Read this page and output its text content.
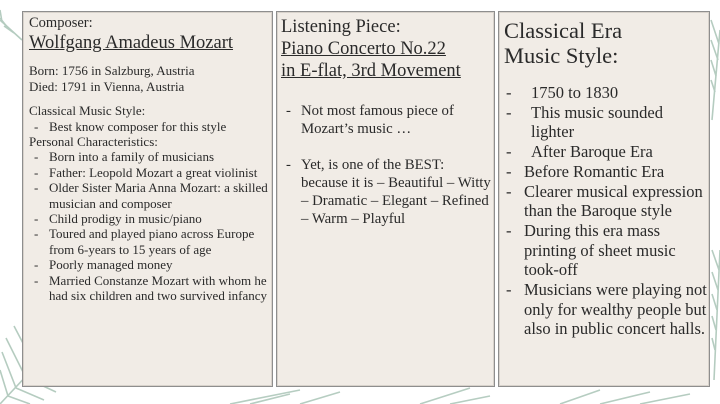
Composer:
Wolfgang Amadeus Mozart
Born: 1756 in Salzburg, Austria
Died: 1791 in Vienna, Austria
Classical Music Style:
- Best know composer for this style
Personal Characteristics:
- Born into a family of musicians
- Father: Leopold Mozart a great violinist
- Older Sister Maria Anna Mozart: a skilled musician and composer
- Child prodigy in music/piano
- Toured and played piano across Europe from 6-years to 15 years of age
- Poorly managed money
- Married Constanze Mozart with whom he had six children and two survived infancy
Listening Piece:
Piano Concerto No.22
in E-flat, 3rd Movement
- Not most famous piece of Mozart’s music …
- Yet, is one of the BEST: because it is – Beautiful – Witty – Dramatic – Elegant – Refined – Warm – Playful
Classical Era
Music Style:
- 1750 to 1830
- This music sounded lighter
- After Baroque Era
- Before Romantic Era
- Clearer musical expression than the Baroque style
- During this era mass printing of sheet music took-off
- Musicians were playing not only for wealthy people but also in public concert halls.
